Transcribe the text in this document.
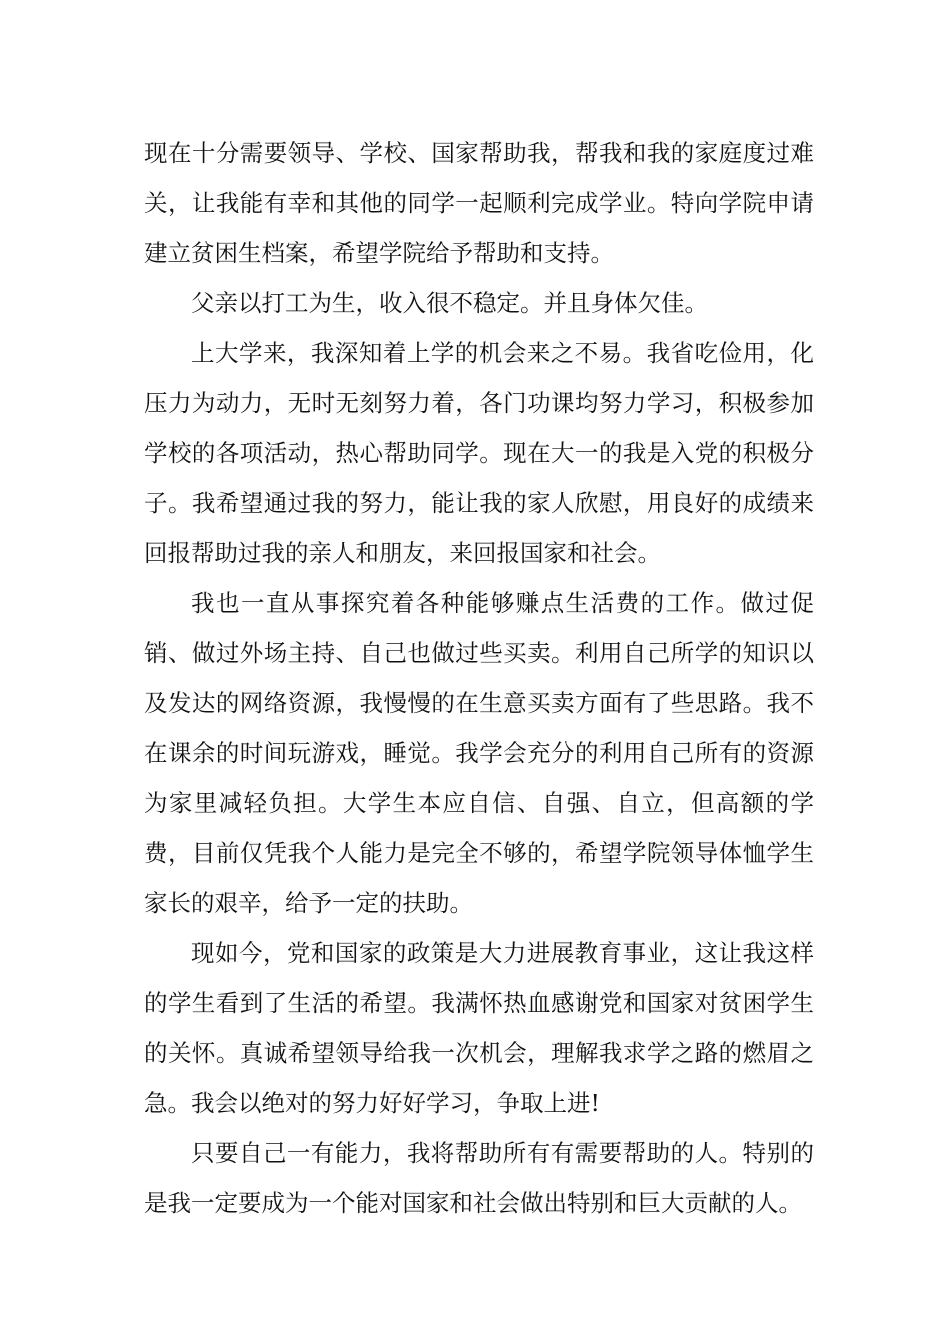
现在十分需要领导、学校、国家帮助我，帮我和我的家庭度过难关，让我能有幸和其他的同学一起顺利完成学业。特向学院申请建立贫困生档案，希望学院给予帮助和支持。

父亲以打工为生，收入很不稳定。并且身体欠佳。

上大学来，我深知着上学的机会来之不易。我省吃俭用，化压力为动力，无时无刻努力着，各门功课均努力学习，积极参加学校的各项活动，热心帮助同学。现在大一的我是入党的积极分子。我希望通过我的努力，能让我的家人欣慰，用良好的成绩来回报帮助过我的亲人和朋友，来回报国家和社会。

我也一直从事探究着各种能够赚点生活费的工作。做过促销、做过外场主持、自己也做过些买卖。利用自己所学的知识以及发达的网络资源，我慢慢的在生意买卖方面有了些思路。我不在课余的时间玩游戏，睡觉。我学会充分的利用自己所有的资源为家里减轻负担。大学生本应自信、自强、自立，但高额的学费，目前仅凭我个人能力是完全不够的，希望学院领导体恤学生家长的艰辛，给予一定的扶助。

现如今，党和国家的政策是大力进展教育事业，这让我这样的学生看到了生活的希望。我满怀热血感谢党和国家对贫困学生的关怀。真诚希望领导给我一次机会，理解我求学之路的燃眉之急。我会以绝对的努力好好学习，争取上进!

只要自己一有能力，我将帮助所有有需要帮助的人。特别的是我一定要成为一个能对国家和社会做出特别和巨大贡献的人。
